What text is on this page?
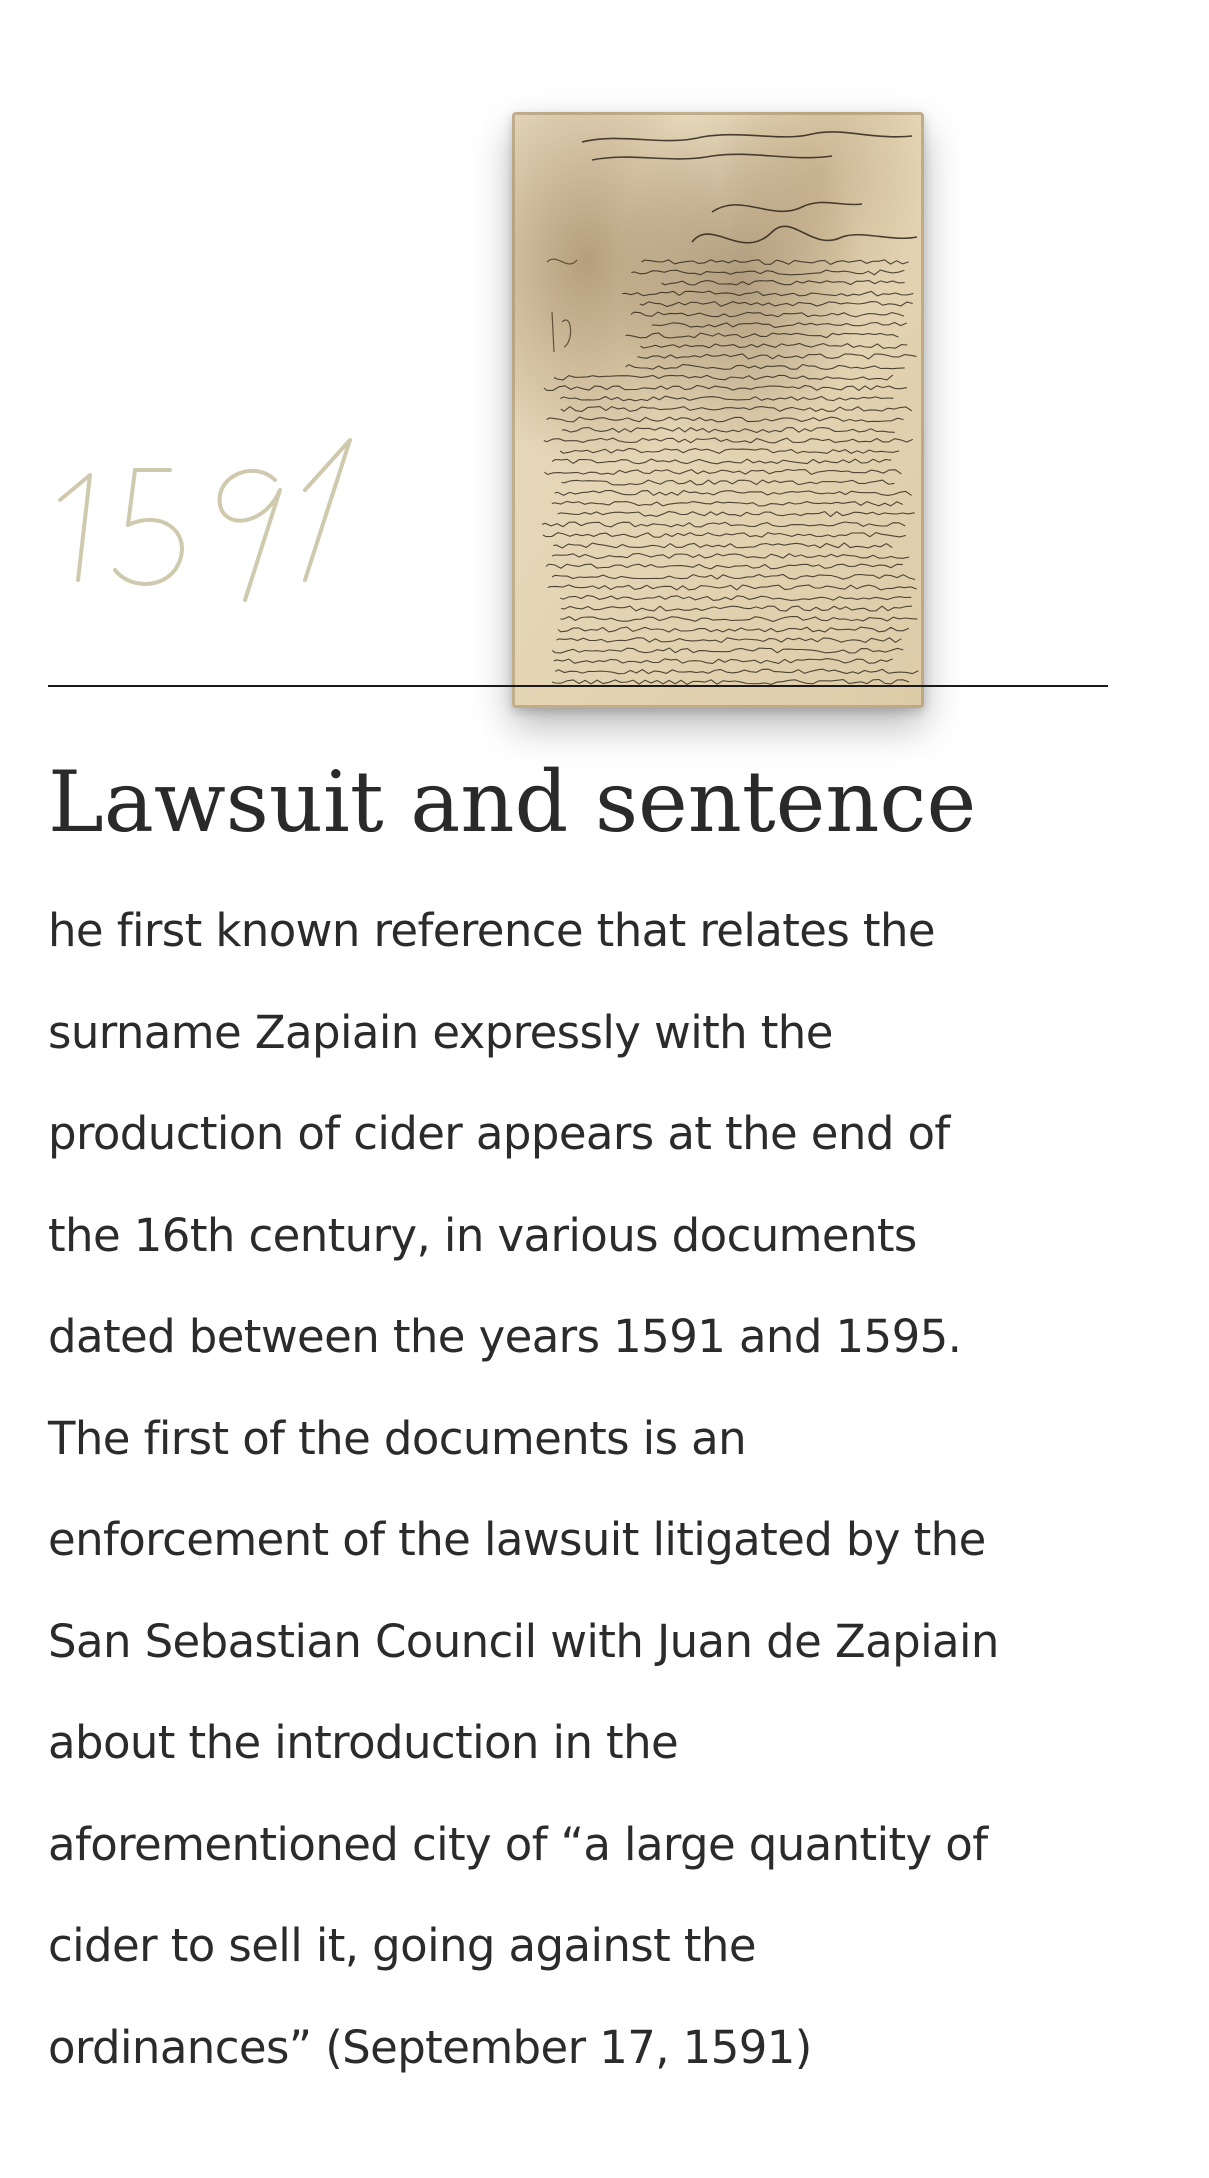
Lawsuit and sentence
he first known reference that relates the
surname Zapiain expressly with the
production of cider appears at the end of
the 16th century, in various documents
dated between the years 1591 and 1595.
The first of the documents is an
enforcement of the lawsuit litigated by the
San Sebastian Council with Juan de Zapiain
about the introduction in the
aforementioned city of “a large quantity of
cider to sell it, going against the
ordinances” (September 17, 1591)
